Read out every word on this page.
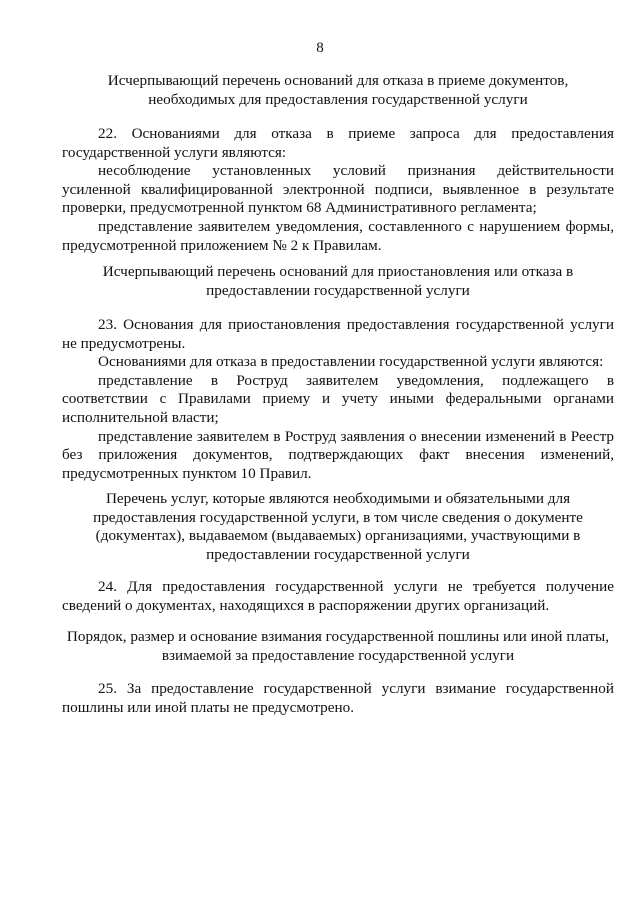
8
Исчерпывающий перечень оснований для отказа в приеме документов,
необходимых для предоставления государственной услуги

22. Основаниями для отказа в приеме запроса для предоставления государственной услуги являются:

несоблюдение установленных условий признания действительности усиленной квалифицированной электронной подписи, выявленное в результате проверки, предусмотренной пунктом 68 Административного регламента;

представление заявителем уведомления, составленного с нарушением формы, предусмотренной приложением № 2 к Правилам.

Исчерпывающий перечень оснований для приостановления или отказа в
предоставлении государственной услуги

23. Основания для приостановления предоставления государственной услуги не предусмотрены.

Основаниями для отказа в предоставлении государственной услуги являются:

представление в Роструд заявителем уведомления, подлежащего в соответствии с Правилами приему и учету иными федеральными органами исполнительной власти;

представление заявителем в Роструд заявления о внесении изменений в Реестр без приложения документов, подтверждающих факт внесения изменений, предусмотренных пунктом 10 Правил.

Перечень услуг, которые являются необходимыми и обязательными для
предоставления государственной услуги, в том числе сведения о документе
(документах), выдаваемом (выдаваемых) организациями, участвующими в
предоставлении государственной услуги

24. Для предоставления государственной услуги не требуется получение сведений о документах, находящихся в распоряжении других организаций.

Порядок, размер и основание взимания государственной пошлины или иной платы,
взимаемой за предоставление государственной услуги

25. За предоставление государственной услуги взимание государственной пошлины или иной платы не предусмотрено.
